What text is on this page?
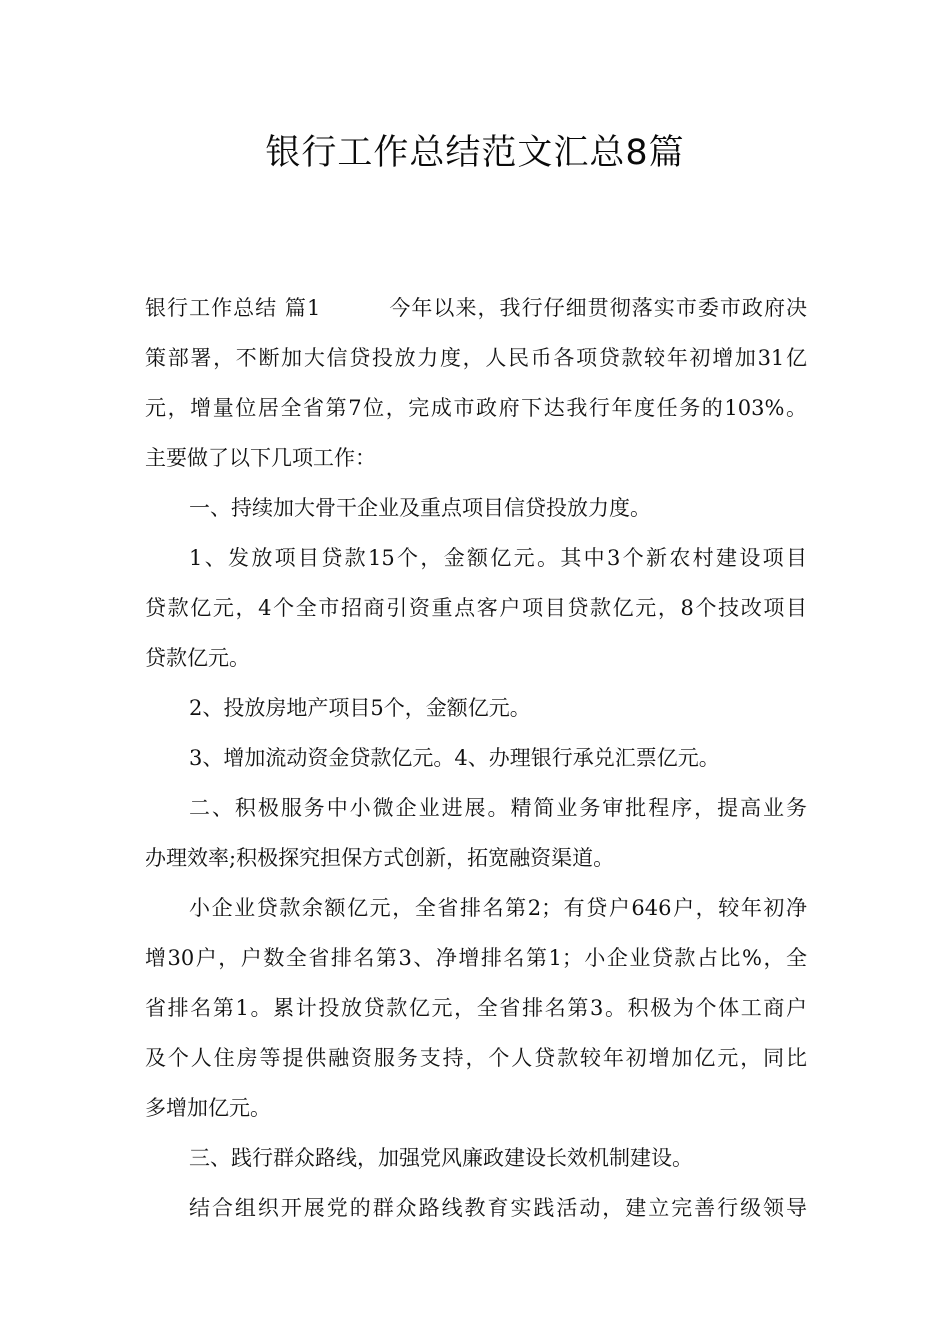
银行工作总结范文汇总8篇
银行工作总结 篇1	今年以来，我行仔细贯彻落实市委市政府决
策部署，不断加大信贷投放力度，人民币各项贷款较年初增加31亿
元，增量位居全省第7位，完成市政府下达我行年度任务的103%。
主要做了以下几项工作：
一、持续加大骨干企业及重点项目信贷投放力度。
1、发放项目贷款15个，金额亿元。其中3个新农村建设项目
贷款亿元，4个全市招商引资重点客户项目贷款亿元，8个技改项目
贷款亿元。
2、投放房地产项目5个，金额亿元。
3、增加流动资金贷款亿元。4、办理银行承兑汇票亿元。
二、积极服务中小微企业进展。精简业务审批程序，提高业务
办理效率;积极探究担保方式创新，拓宽融资渠道。
小企业贷款余额亿元，全省排名第2；有贷户646户，较年初净
增30户，户数全省排名第3、净增排名第1；小企业贷款占比%，全
省排名第1。累计投放贷款亿元，全省排名第3。积极为个体工商户
及个人住房等提供融资服务支持，个人贷款较年初增加亿元，同比
多增加亿元。
三、践行群众路线，加强党风廉政建设长效机制建设。
结合组织开展党的群众路线教育实践活动，建立完善行级领导
